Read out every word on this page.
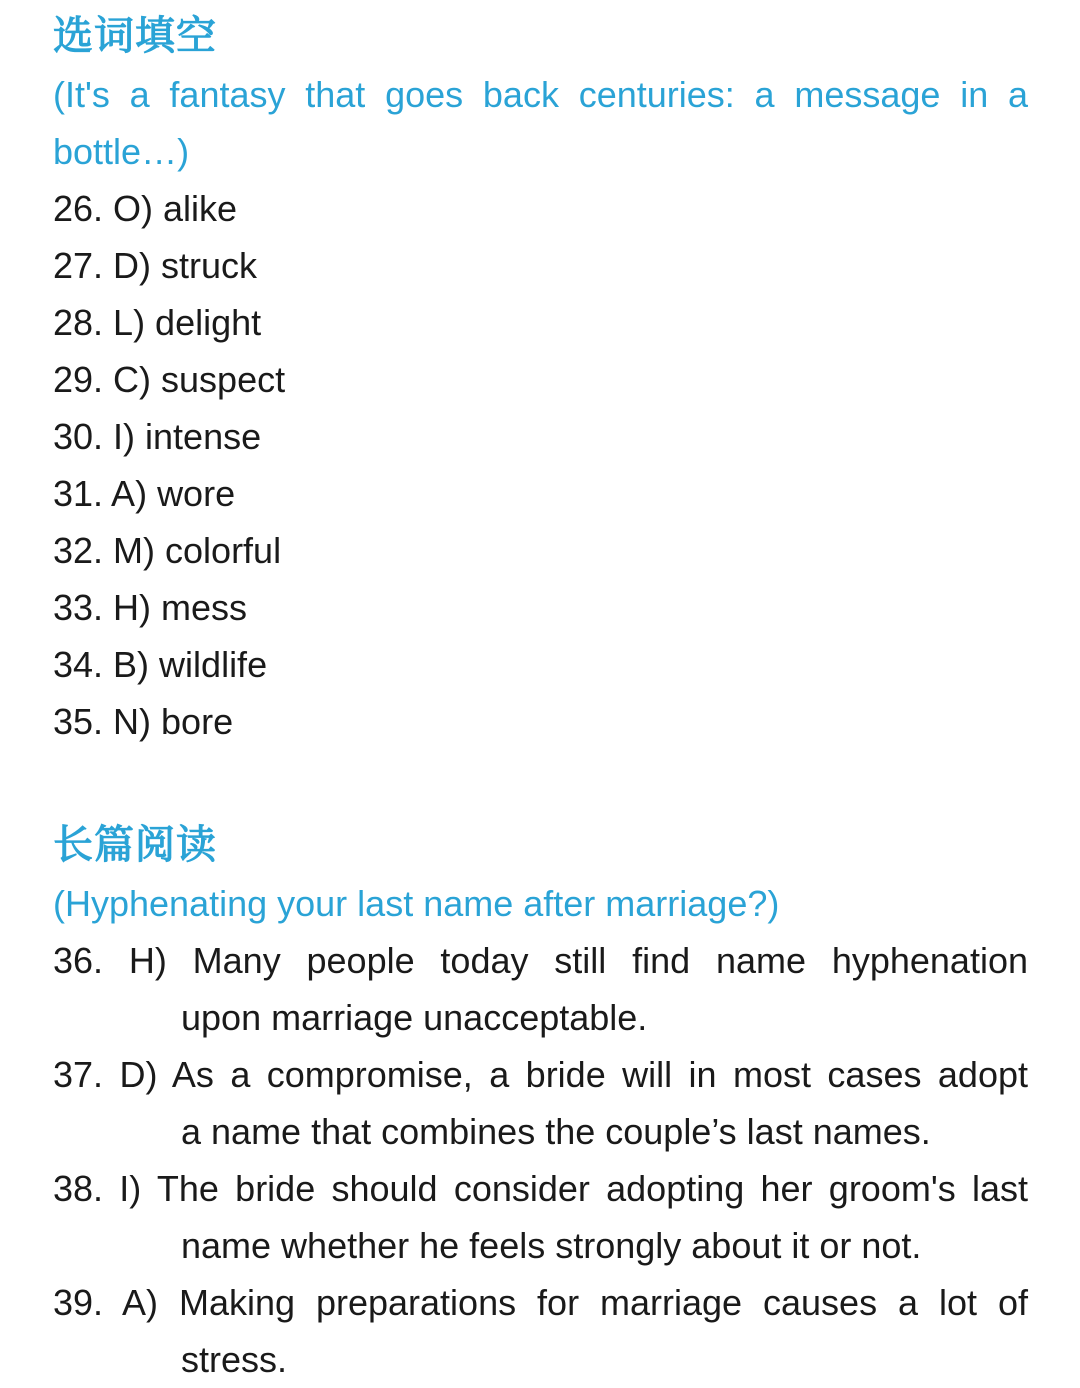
选词填空
(It's a fantasy that goes back centuries: a message in a
bottle…)
26. O) alike
27. D) struck
28. L) delight
29. C) suspect
30. I) intense
31. A) wore
32. M) colorful
33. H) mess
34. B) wildlife
35. N) bore
长篇阅读
(Hyphenating your last name after marriage?)
36. H) Many people today still find name hyphenation
upon marriage unacceptable.
37. D) As a compromise, a bride will in most cases adopt
a name that combines the couple’s last names.
38. I) The bride should consider adopting her groom's last
name whether he feels strongly about it or not.
39. A) Making preparations for marriage causes a lot of
stress.
